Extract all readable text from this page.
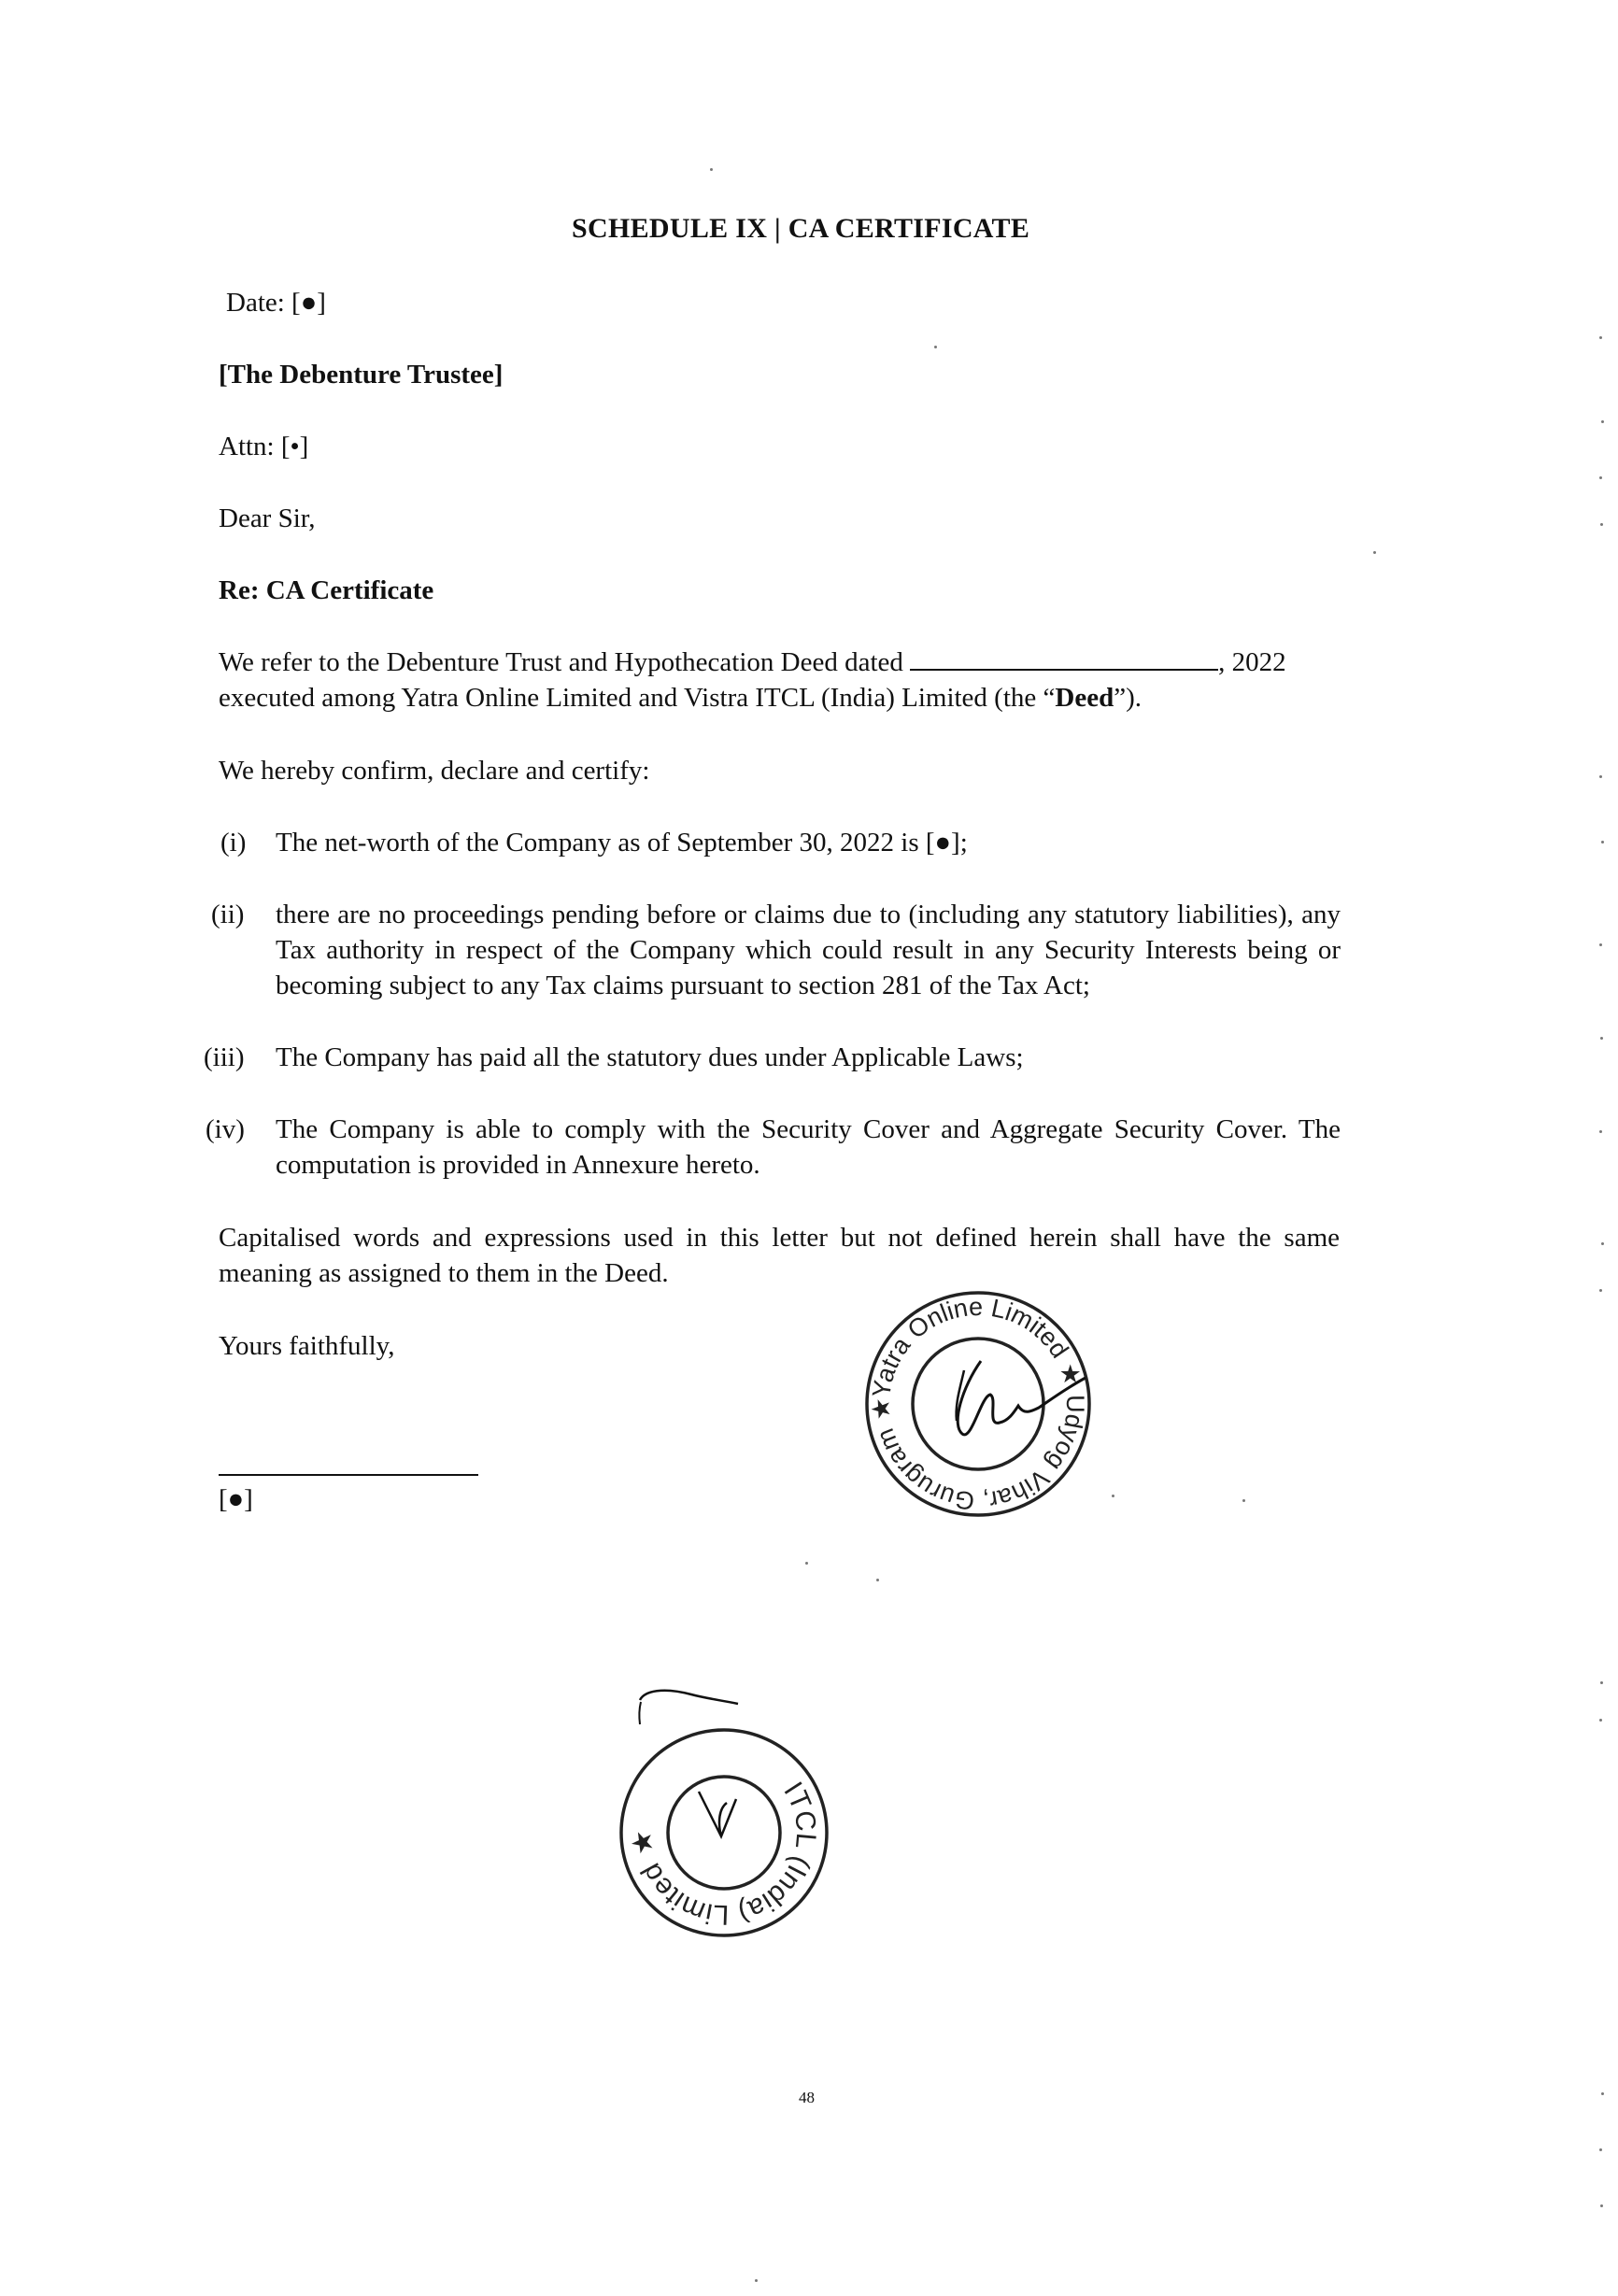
SCHEDULE IX | CA CERTIFICATE
Date: [●]
[The Debenture Trustee]
Attn: [•]
Dear Sir,
Re: CA Certificate
We refer to the Debenture Trust and Hypothecation Deed dated	, 2022
executed among Yatra Online Limited and Vistra ITCL (India) Limited (the “Deed”).
We hereby confirm, declare and certify:
(i)	The net-worth of the Company as of September 30, 2022 is [●];
(ii)	there are no proceedings pending before or claims due to (including any statutory liabilities), any Tax authority in respect of the Company which could result in any Security Interests being or becoming subject to any Tax claims pursuant to section 281 of the Tax Act;
(iii)	The Company has paid all the statutory dues under Applicable Laws;
(iv)	The Company is able to comply with the Security Cover and Aggregate Security Cover. The computation is provided in Annexure hereto.
Capitalised words and expressions used in this letter but not defined herein shall have the same meaning as assigned to them in the Deed.
Yours faithfully,
[●]
Yatra Online Limited ★ Udyog Vihar, Gurugram ★
ITCL (India) Limited ★ Vistra
48
